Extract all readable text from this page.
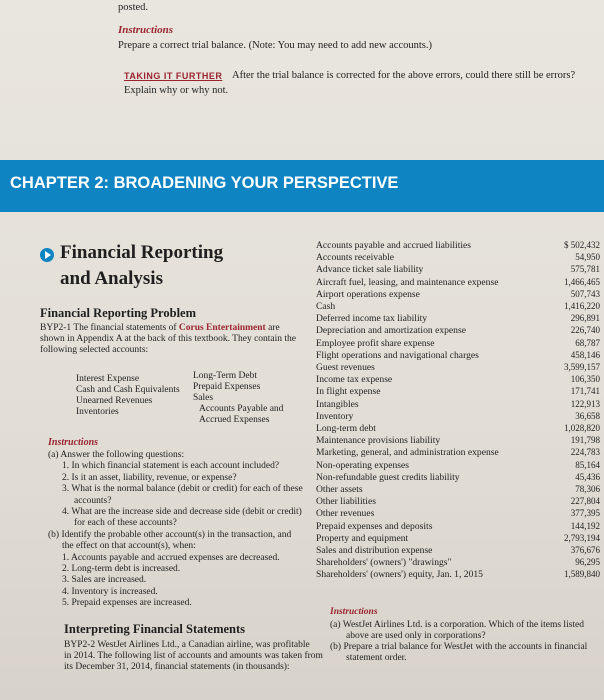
posted.
Instructions
Prepare a correct trial balance. (Note: You may need to add new accounts.)
TAKING IT FURTHER After the trial balance is corrected for the above errors, could there still be errors?
Explain why or why not.
CHAPTER 2: BROADENING YOUR PERSPECTIVE
Financial Reporting
and Analysis
Financial Reporting Problem
BYP2-1 The financial statements of Corus Entertainment are
shown in Appendix A at the back of this textbook. They contain the
following selected accounts:
Interest Expense
Cash and Cash Equivalents
Unearned Revenues
Inventories
Long-Term Debt
Prepaid Expenses
Sales
Accounts Payable and
Accrued Expenses
Instructions
(a) Answer the following questions:
1. In which financial statement is each account included?
2. Is it an asset, liability, revenue, or expense?
3. What is the normal balance (debit or credit) for each of these
accounts?
4. What are the increase side and decrease side (debit or credit)
for each of these accounts?
(b) Identify the probable other account(s) in the transaction, and
the effect on that account(s), when:
1. Accounts payable and accrued expenses are decreased.
2. Long-term debt is increased.
3. Sales are increased.
4. Inventory is increased.
5. Prepaid expenses are increased.
Interpreting Financial Statements
BYP2-2 WestJet Airlines Ltd., a Canadian airline, was profitable
in 2014. The following list of accounts and amounts was taken from
its December 31, 2014, financial statements (in thousands):
Accounts payable and accrued liabilities	$ 502,432
Accounts receivable	54,950
Advance ticket sale liability	575,781
Aircraft fuel, leasing, and maintenance expense	1,466,465
Airport operations expense	507,743
Cash	1,416,220
Deferred income tax liability	296,891
Depreciation and amortization expense	226,740
Employee profit share expense	68,787
Flight operations and navigational charges	458,146
Guest revenues	3,599,157
Income tax expense	106,350
In flight expense	171,741
Intangibles	122,913
Inventory	36,658
Long-term debt	1,028,820
Maintenance provisions liability	191,798
Marketing, general, and administration expense	224,783
Non-operating expenses	85,164
Non-refundable guest credits liability	45,436
Other assets	78,306
Other liabilities	227,804
Other revenues	377,395
Prepaid expenses and deposits	144,192
Property and equipment	2,793,194
Sales and distribution expense	376,676
Shareholders' (owners') "drawings"	96,295
Shareholders' (owners') equity, Jan. 1, 2015	1,589,840
Instructions
(a) WestJet Airlines Ltd. is a corporation. Which of the items listed
above are used only in corporations?
(b) Prepare a trial balance for WestJet with the accounts in financial
statement order.
